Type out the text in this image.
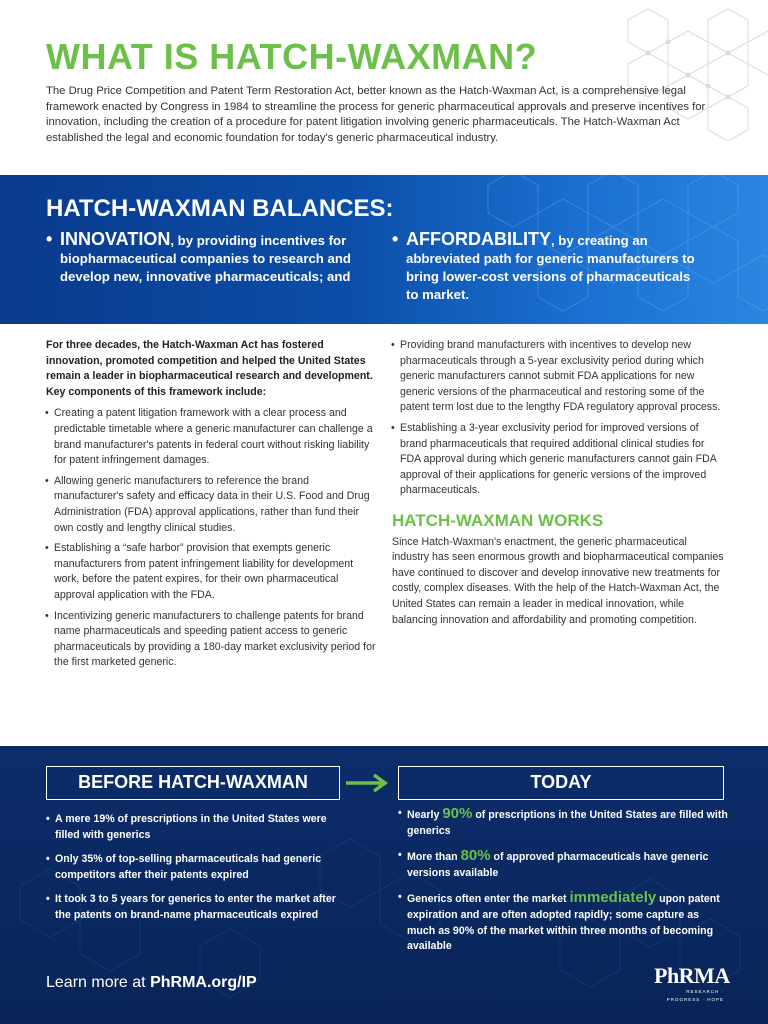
WHAT IS HATCH-WAXMAN?

The Drug Price Competition and Patent Term Restoration Act, better known as the Hatch-Waxman Act, is a comprehensive legal framework enacted by Congress in 1984 to streamline the process for generic pharmaceutical approvals and preserve incentives for innovation, including the creation of a procedure for patent litigation involving generic pharmaceuticals. The Hatch-Waxman Act established the legal and economic foundation for today's generic pharmaceutical industry.

HATCH-WAXMAN BALANCES:
• INNOVATION, by providing incentives for
biopharmaceutical companies to research and
develop new, innovative pharmaceuticals; and
• AFFORDABILITY, by creating an
abbreviated path for generic manufacturers to
bring lower-cost versions of pharmaceuticals
to market.

For three decades, the Hatch-Waxman Act has fostered innovation, promoted competition and helped the United States remain a leader in biopharmaceutical research and development. Key components of this framework include:

• Creating a patent litigation framework with a clear process and predictable timetable where a generic manufacturer can challenge a brand manufacturer's patents in federal court without risking liability for patent infringement damages.
• Allowing generic manufacturers to reference the brand manufacturer's safety and efficacy data in their U.S. Food and Drug Administration (FDA) approval applications, rather than fund their own costly and lengthy clinical studies.
• Establishing a “safe harbor” provision that exempts generic manufacturers from patent infringement liability for development work, before the patent expires, for their own pharmaceutical approval application with the FDA.
• Incentivizing generic manufacturers to challenge patents for brand name pharmaceuticals and speeding patient access to generic pharmaceuticals by providing a 180-day market exclusivity period for the first marketed generic.
• Providing brand manufacturers with incentives to develop new pharmaceuticals through a 5-year exclusivity period during which generic manufacturers cannot submit FDA applications for new generic versions of the pharmaceutical and restoring some of the patent term lost due to the lengthy FDA regulatory approval process.
• Establishing a 3-year exclusivity period for improved versions of brand pharmaceuticals that required additional clinical studies for FDA approval during which generic manufacturers cannot gain FDA approval of their applications for generic versions of the improved pharmaceuticals.
HATCH-WAXMAN WORKS

Since Hatch-Waxman's enactment, the generic pharmaceutical industry has seen enormous growth and biopharmaceutical companies have continued to discover and develop innovative new treatments for costly, complex diseases. With the help of the Hatch-Waxman Act, the United States can remain a leader in medical innovation, while balancing innovation and affordability and promoting competition.

BEFORE HATCH-WAXMAN	TODAY
• A mere 19% of prescriptions in the United States were filled with generics
• Only 35% of top-selling pharmaceuticals had generic competitors after their patents expired
• It took 3 to 5 years for generics to enter the market after the patents on brand-name pharmaceuticals expired
• Nearly 90% of prescriptions in the United States are filled with generics
• More than 80% of approved pharmaceuticals have generic versions available
• Generics often enter the market immediately upon patent expiration and are often adopted rapidly; some capture as much as 90% of the market within three months of becoming available
Learn more at PhRMA.org/IP	PhRMA
RESEARCH · PROGRESS · HOPE
